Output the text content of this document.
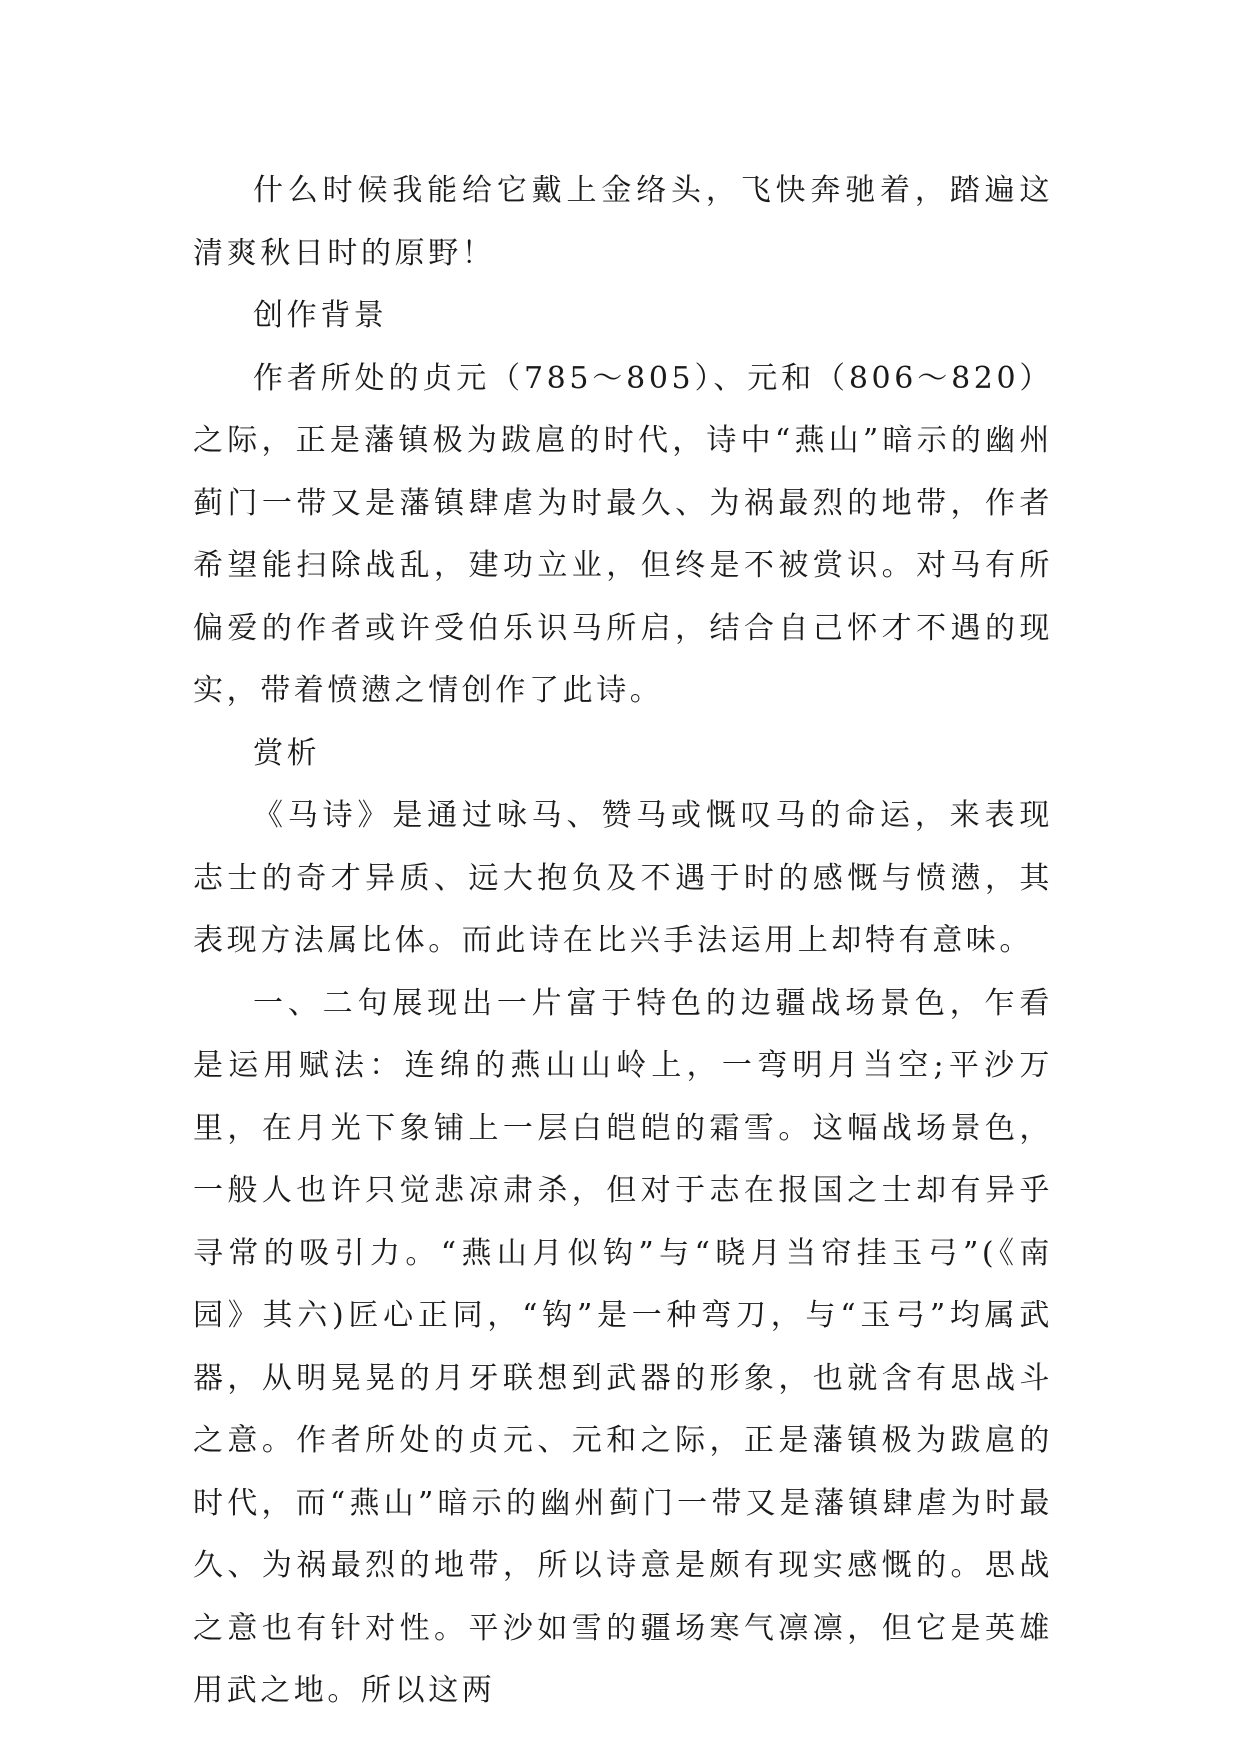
什么时候我能给它戴上金络头，飞快奔驰着，踏遍这清爽秋日时的原野！

创作背景

作者所处的贞元（785～805）、元和（806～820）之际，正是藩镇极为跋扈的时代，诗中“燕山”暗示的幽州蓟门一带又是藩镇肆虐为时最久、为祸最烈的地带，作者希望能扫除战乱，建功立业，但终是不被赏识。对马有所偏爱的作者或许受伯乐识马所启，结合自己怀才不遇的现实，带着愤懑之情创作了此诗。

赏析

《马诗》是通过咏马、赞马或慨叹马的命运，来表现志士的奇才异质、远大抱负及不遇于时的感慨与愤懑，其表现方法属比体。而此诗在比兴手法运用上却特有意味。

一、二句展现出一片富于特色的边疆战场景色，乍看是运用赋法：连绵的燕山山岭上，一弯明月当空;平沙万里，在月光下象铺上一层白皑皑的霜雪。这幅战场景色，一般人也许只觉悲凉肃杀，但对于志在报国之士却有异乎寻常的吸引力。“燕山月似钩”与“晓月当帘挂玉弓”(《南园》其六)匠心正同，“钩”是一种弯刀，与“玉弓”均属武器，从明晃晃的月牙联想到武器的形象，也就含有思战斗之意。作者所处的贞元、元和之际，正是藩镇极为跋扈的时代，而“燕山”暗示的幽州蓟门一带又是藩镇肆虐为时最久、为祸最烈的地带，所以诗意是颇有现实感慨的。思战之意也有针对性。平沙如雪的疆场寒气凛凛，但它是英雄用武之地。所以这两
